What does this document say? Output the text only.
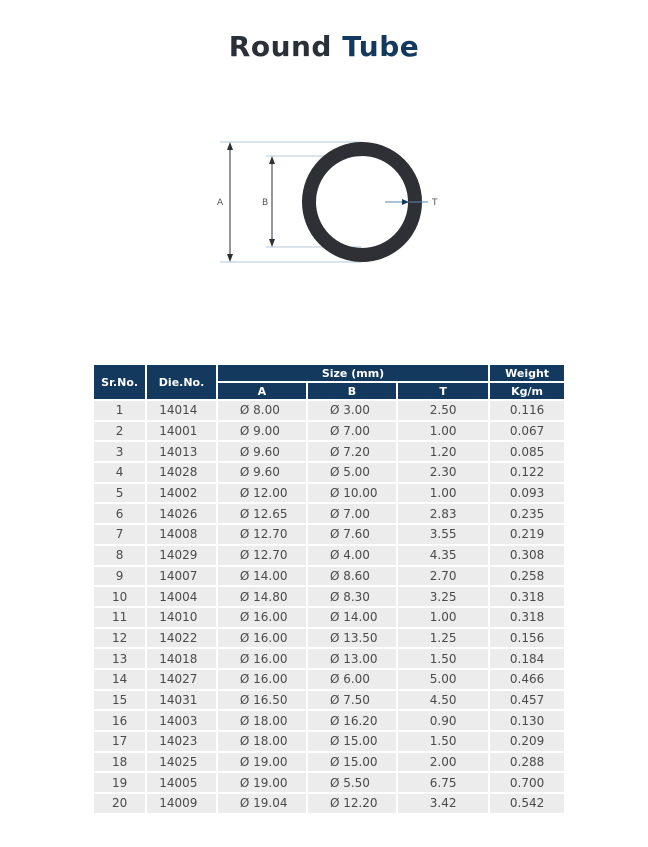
Round Tube
A	B	T
Sr.No.	Die.No.	Size (mm)			Weight
		A	B	T	Kg/m
1	14014	Ø 8.00	Ø 3.00	2.50	0.116
2	14001	Ø 9.00	Ø 7.00	1.00	0.067
3	14013	Ø 9.60	Ø 7.20	1.20	0.085
4	14028	Ø 9.60	Ø 5.00	2.30	0.122
5	14002	Ø 12.00	Ø 10.00	1.00	0.093
6	14026	Ø 12.65	Ø 7.00	2.83	0.235
7	14008	Ø 12.70	Ø 7.60	3.55	0.219
8	14029	Ø 12.70	Ø 4.00	4.35	0.308
9	14007	Ø 14.00	Ø 8.60	2.70	0.258
10	14004	Ø 14.80	Ø 8.30	3.25	0.318
11	14010	Ø 16.00	Ø 14.00	1.00	0.318
12	14022	Ø 16.00	Ø 13.50	1.25	0.156
13	14018	Ø 16.00	Ø 13.00	1.50	0.184
14	14027	Ø 16.00	Ø 6.00	5.00	0.466
15	14031	Ø 16.50	Ø 7.50	4.50	0.457
16	14003	Ø 18.00	Ø 16.20	0.90	0.130
17	14023	Ø 18.00	Ø 15.00	1.50	0.209
18	14025	Ø 19.00	Ø 15.00	2.00	0.288
19	14005	Ø 19.00	Ø 5.50	6.75	0.700
20	14009	Ø 19.04	Ø 12.20	3.42	0.542
